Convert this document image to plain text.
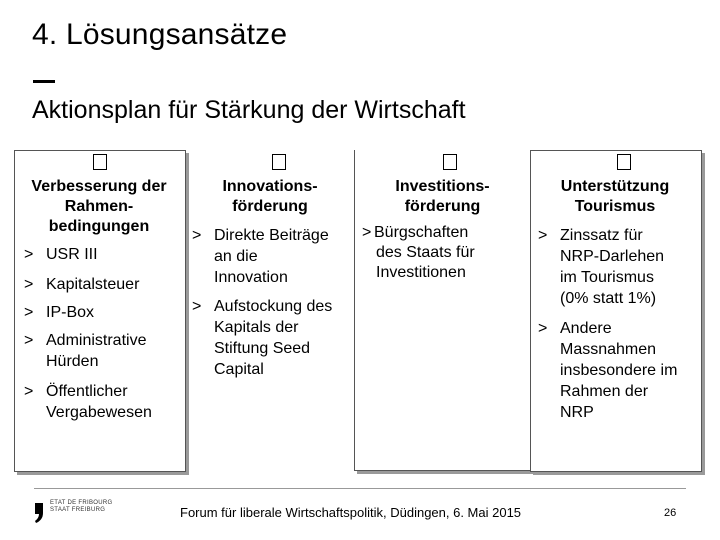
4. Lösungsansätze
Aktionsplan für Stärkung der Wirtschaft
Verbesserung der
Rahmen-
bedingungen
Innovations-
förderung
Investitions-
förderung
Unterstützung
Tourismus
> USR III
> Kapitalsteuer
> IP-Box
> Administrative
Hürden
> Öffentlicher
Vergabewesen
> Direkte Beiträge
an die
Innovation
> Aufstockung des
Kapitals der
Stiftung Seed
Capital
> Bürgschaften
des Staats für
Investitionen
> Zinssatz für
NRP-Darlehen
im Tourismus
(0% statt 1%)
> Andere
Massnahmen
insbesondere im
Rahmen der
NRP
ETAT DE FRIBOURG
STAAT FREIBURG	Forum für liberale Wirtschaftspolitik, Düdingen, 6. Mai 2015	26
